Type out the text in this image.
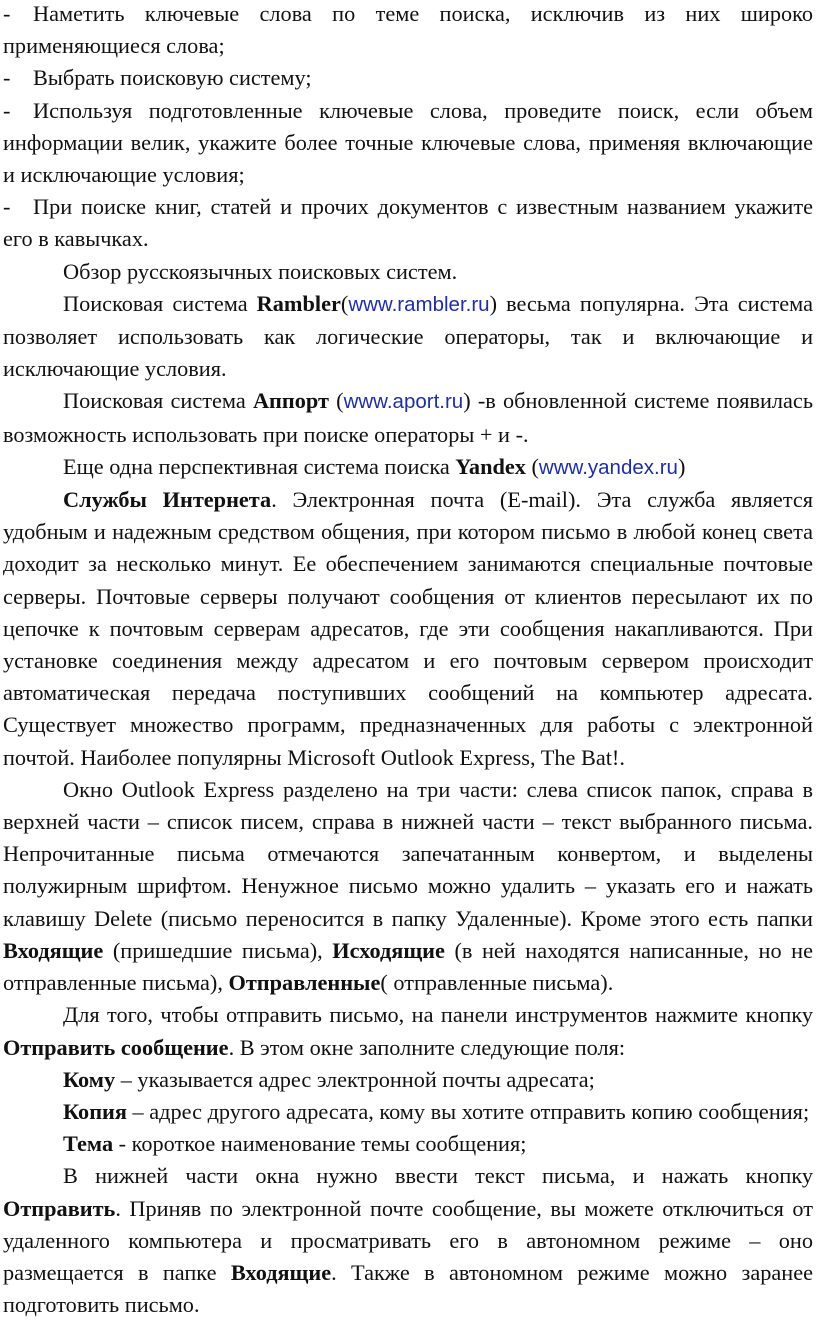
- Наметить ключевые слова по теме поиска, исключив из них широко применяющиеся слова;

- Выбрать поисковую систему;

- Используя подготовленные ключевые слова, проведите поиск, если объем информации велик, укажите более точные ключевые слова, применяя включающие и исключающие условия;

- При поиске книг, статей и прочих документов с известным названием укажите его в кавычках.

Обзор русскоязычных поисковых систем.

Поисковая система Rambler(www.rambler.ru) весьма популярна. Эта система позволяет использовать как логические операторы, так и включающие и исключающие условия.

Поисковая система Аппорт (www.aport.ru) -в обновленной системе появилась возможность использовать при поиске операторы + и -.

Еще одна перспективная система поиска Yandex (www.yandex.ru)

Службы Интернета. Электронная почта (E-mail). Эта служба является удобным и надежным средством общения, при котором письмо в любой конец света доходит за несколько минут. Ее обеспечением занимаются специальные почтовые серверы. Почтовые серверы получают сообщения от клиентов пересылают их по цепочке к почтовым серверам адресатов, где эти сообщения накапливаются. При установке соединения между адресатом и его почтовым сервером происходит автоматическая передача поступивших сообщений на компьютер адресата. Существует множество программ, предназначенных для работы с электронной почтой. Наиболее популярны Microsoft Outlook Express, The Bat!.

Окно Outlook Express разделено на три части: слева список папок, справа в верхней части – список писем, справа в нижней части – текст выбранного письма. Непрочитанные письма отмечаются запечатанным конвертом, и выделены полужирным шрифтом. Ненужное письмо можно удалить – указать его и нажать клавишу Delete (письмо переносится в папку Удаленные). Кроме этого есть папки Входящие (пришедшие письма), Исходящие (в ней находятся написанные, но не отправленные письма), Отправленные( отправленные письма).

Для того, чтобы отправить письмо, на панели инструментов нажмите кнопку Отправить сообщение. В этом окне заполните следующие поля:

Кому – указывается адрес электронной почты адресата;

Копия – адрес другого адресата, кому вы хотите отправить копию сообщения;

Тема - короткое наименование темы сообщения;

В нижней части окна нужно ввести текст письма, и нажать кнопку Отправить. Приняв по электронной почте сообщение, вы можете отключиться от удаленного компьютера и просматривать его в автономном режиме – оно размещается в папке Входящие. Также в автономном режиме можно заранее подготовить письмо.
